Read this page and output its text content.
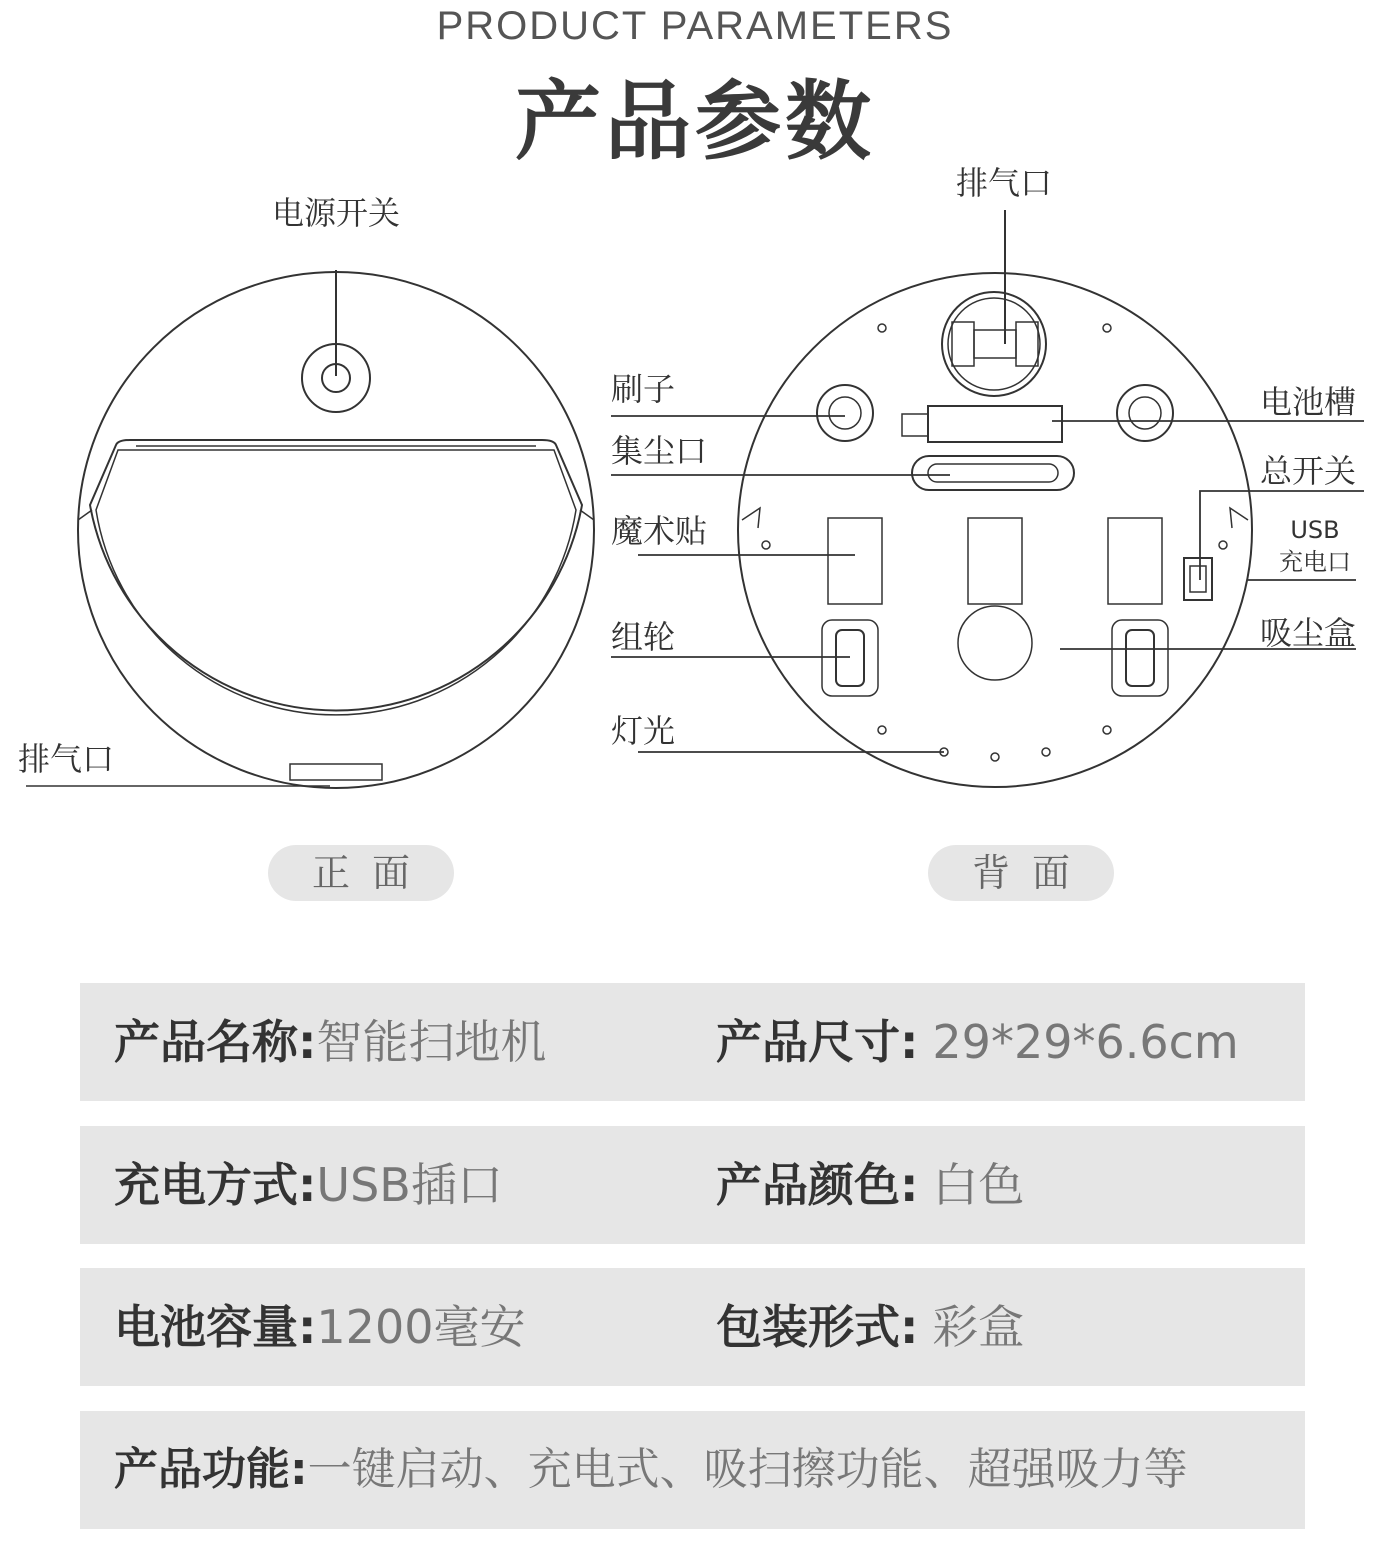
PRODUCT PARAMETERS
产品参数
电源开关
排气口
排气口
刷子
集尘口
魔术贴
组轮
灯光
电池槽
总开关
USB
充电口
吸尘盒
正面	背面
产品名称:智能扫地机	产品尺寸: 29*29*6.6cm
充电方式:USB插口	产品颜色: 白色
电池容量:1200毫安	包装形式: 彩盒
产品功能:一键启动、充电式、吸扫擦功能、超强吸力等
